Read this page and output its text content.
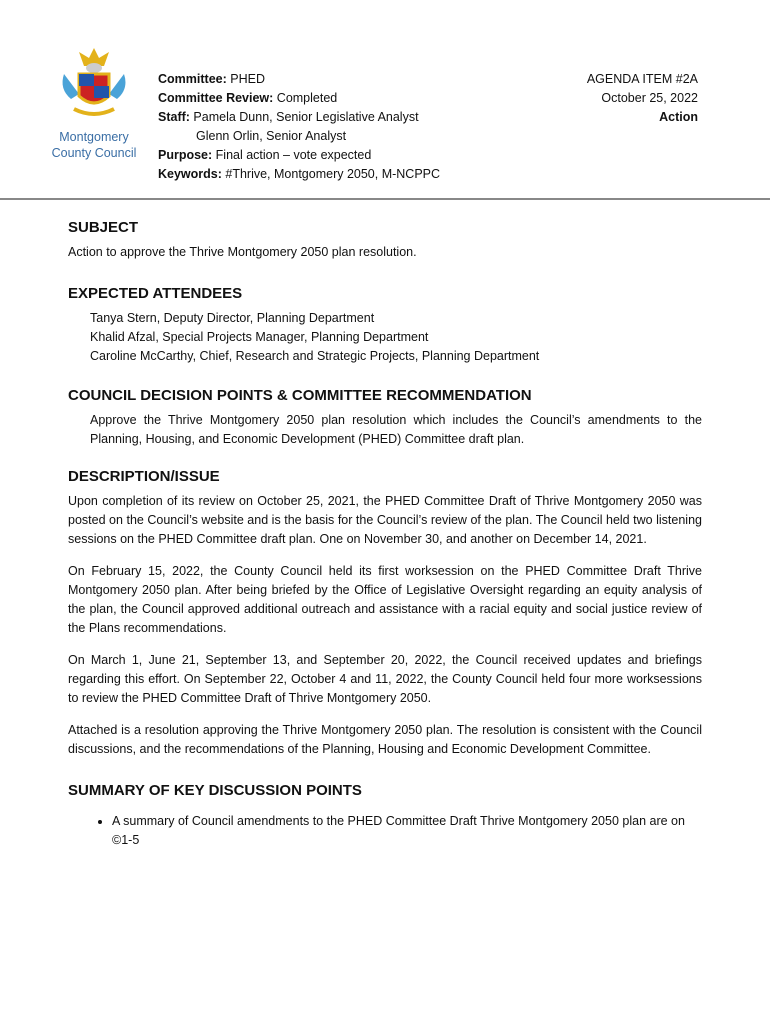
Montgomery
County Council
Committee: PHED
Committee Review: Completed
Staff: Pamela Dunn, Senior Legislative Analyst
Glenn Orlin, Senior Analyst
Purpose: Final action – vote expected
Keywords: #Thrive, Montgomery 2050, M-NCPPC
AGENDA ITEM #2A
October 25, 2022
Action
SUBJECT
Action to approve the Thrive Montgomery 2050 plan resolution.
EXPECTED ATTENDEES
Tanya Stern, Deputy Director, Planning Department
Khalid Afzal, Special Projects Manager, Planning Department
Caroline McCarthy, Chief, Research and Strategic Projects, Planning Department
COUNCIL DECISION POINTS & COMMITTEE RECOMMENDATION

Approve the Thrive Montgomery 2050 plan resolution which includes the Council’s amendments to the Planning, Housing, and Economic Development (PHED) Committee draft plan.

DESCRIPTION/ISSUE

Upon completion of its review on October 25, 2021, the PHED Committee Draft of Thrive Montgomery 2050 was posted on the Council’s website and is the basis for the Council’s review of the plan. The Council held two listening sessions on the PHED Committee draft plan. One on November 30, and another on December 14, 2021.

On February 15, 2022, the County Council held its first worksession on the PHED Committee Draft Thrive Montgomery 2050 plan. After being briefed by the Office of Legislative Oversight regarding an equity analysis of the plan, the Council approved additional outreach and assistance with a racial equity and social justice review of the Plans recommendations.

On March 1, June 21, September 13, and September 20, 2022, the Council received updates and briefings regarding this effort. On September 22, October 4 and 11, 2022, the County Council held four more worksessions to review the PHED Committee Draft of Thrive Montgomery 2050.

Attached is a resolution approving the Thrive Montgomery 2050 plan. The resolution is consistent with the Council discussions, and the recommendations of the Planning, Housing and Economic Development Committee.

SUMMARY OF KEY DISCUSSION POINTS
• A summary of Council amendments to the PHED Committee Draft Thrive Montgomery 2050 plan are on ©1-5
